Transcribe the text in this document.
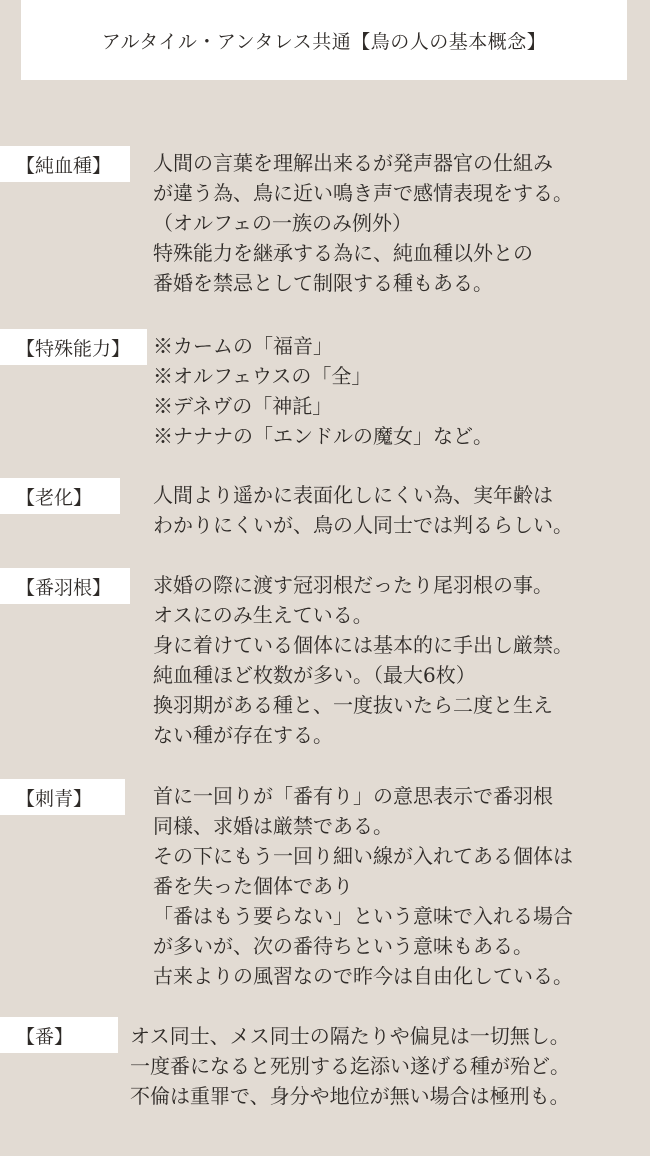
アルタイル・アンタレス共通【鳥の人の基本概念】
【純血種】	人間の言葉を理解出来るが発声器官の仕組み
が違う為、鳥に近い鳴き声で感情表現をする。
（オルフェの一族のみ例外）
特殊能力を継承する為に、純血種以外との
番婚を禁忌として制限する種もある。
【特殊能力】	※カームの「福音」
※オルフェウスの「全」
※デネヴの「神託」
※ナナナの「エンドルの魔女」など。
【老化】	人間より遥かに表面化しにくい為、実年齢は
わかりにくいが、鳥の人同士では判るらしい。
【番羽根】	求婚の際に渡す冠羽根だったり尾羽根の事。
オスにのみ生えている。
身に着けている個体には基本的に手出し厳禁。
純血種ほど枚数が多い。（最大6枚）
換羽期がある種と、一度抜いたら二度と生え
ない種が存在する。
【刺青】	首に一回りが「番有り」の意思表示で番羽根
同様、求婚は厳禁である。
その下にもう一回り細い線が入れてある個体は
番を失った個体であり
「番はもう要らない」という意味で入れる場合
が多いが、次の番待ちという意味もある。
古来よりの風習なので昨今は自由化している。
【番】	オス同士、メス同士の隔たりや偏見は一切無し。
一度番になると死別する迄添い遂げる種が殆ど。
不倫は重罪で、身分や地位が無い場合は極刑も。
